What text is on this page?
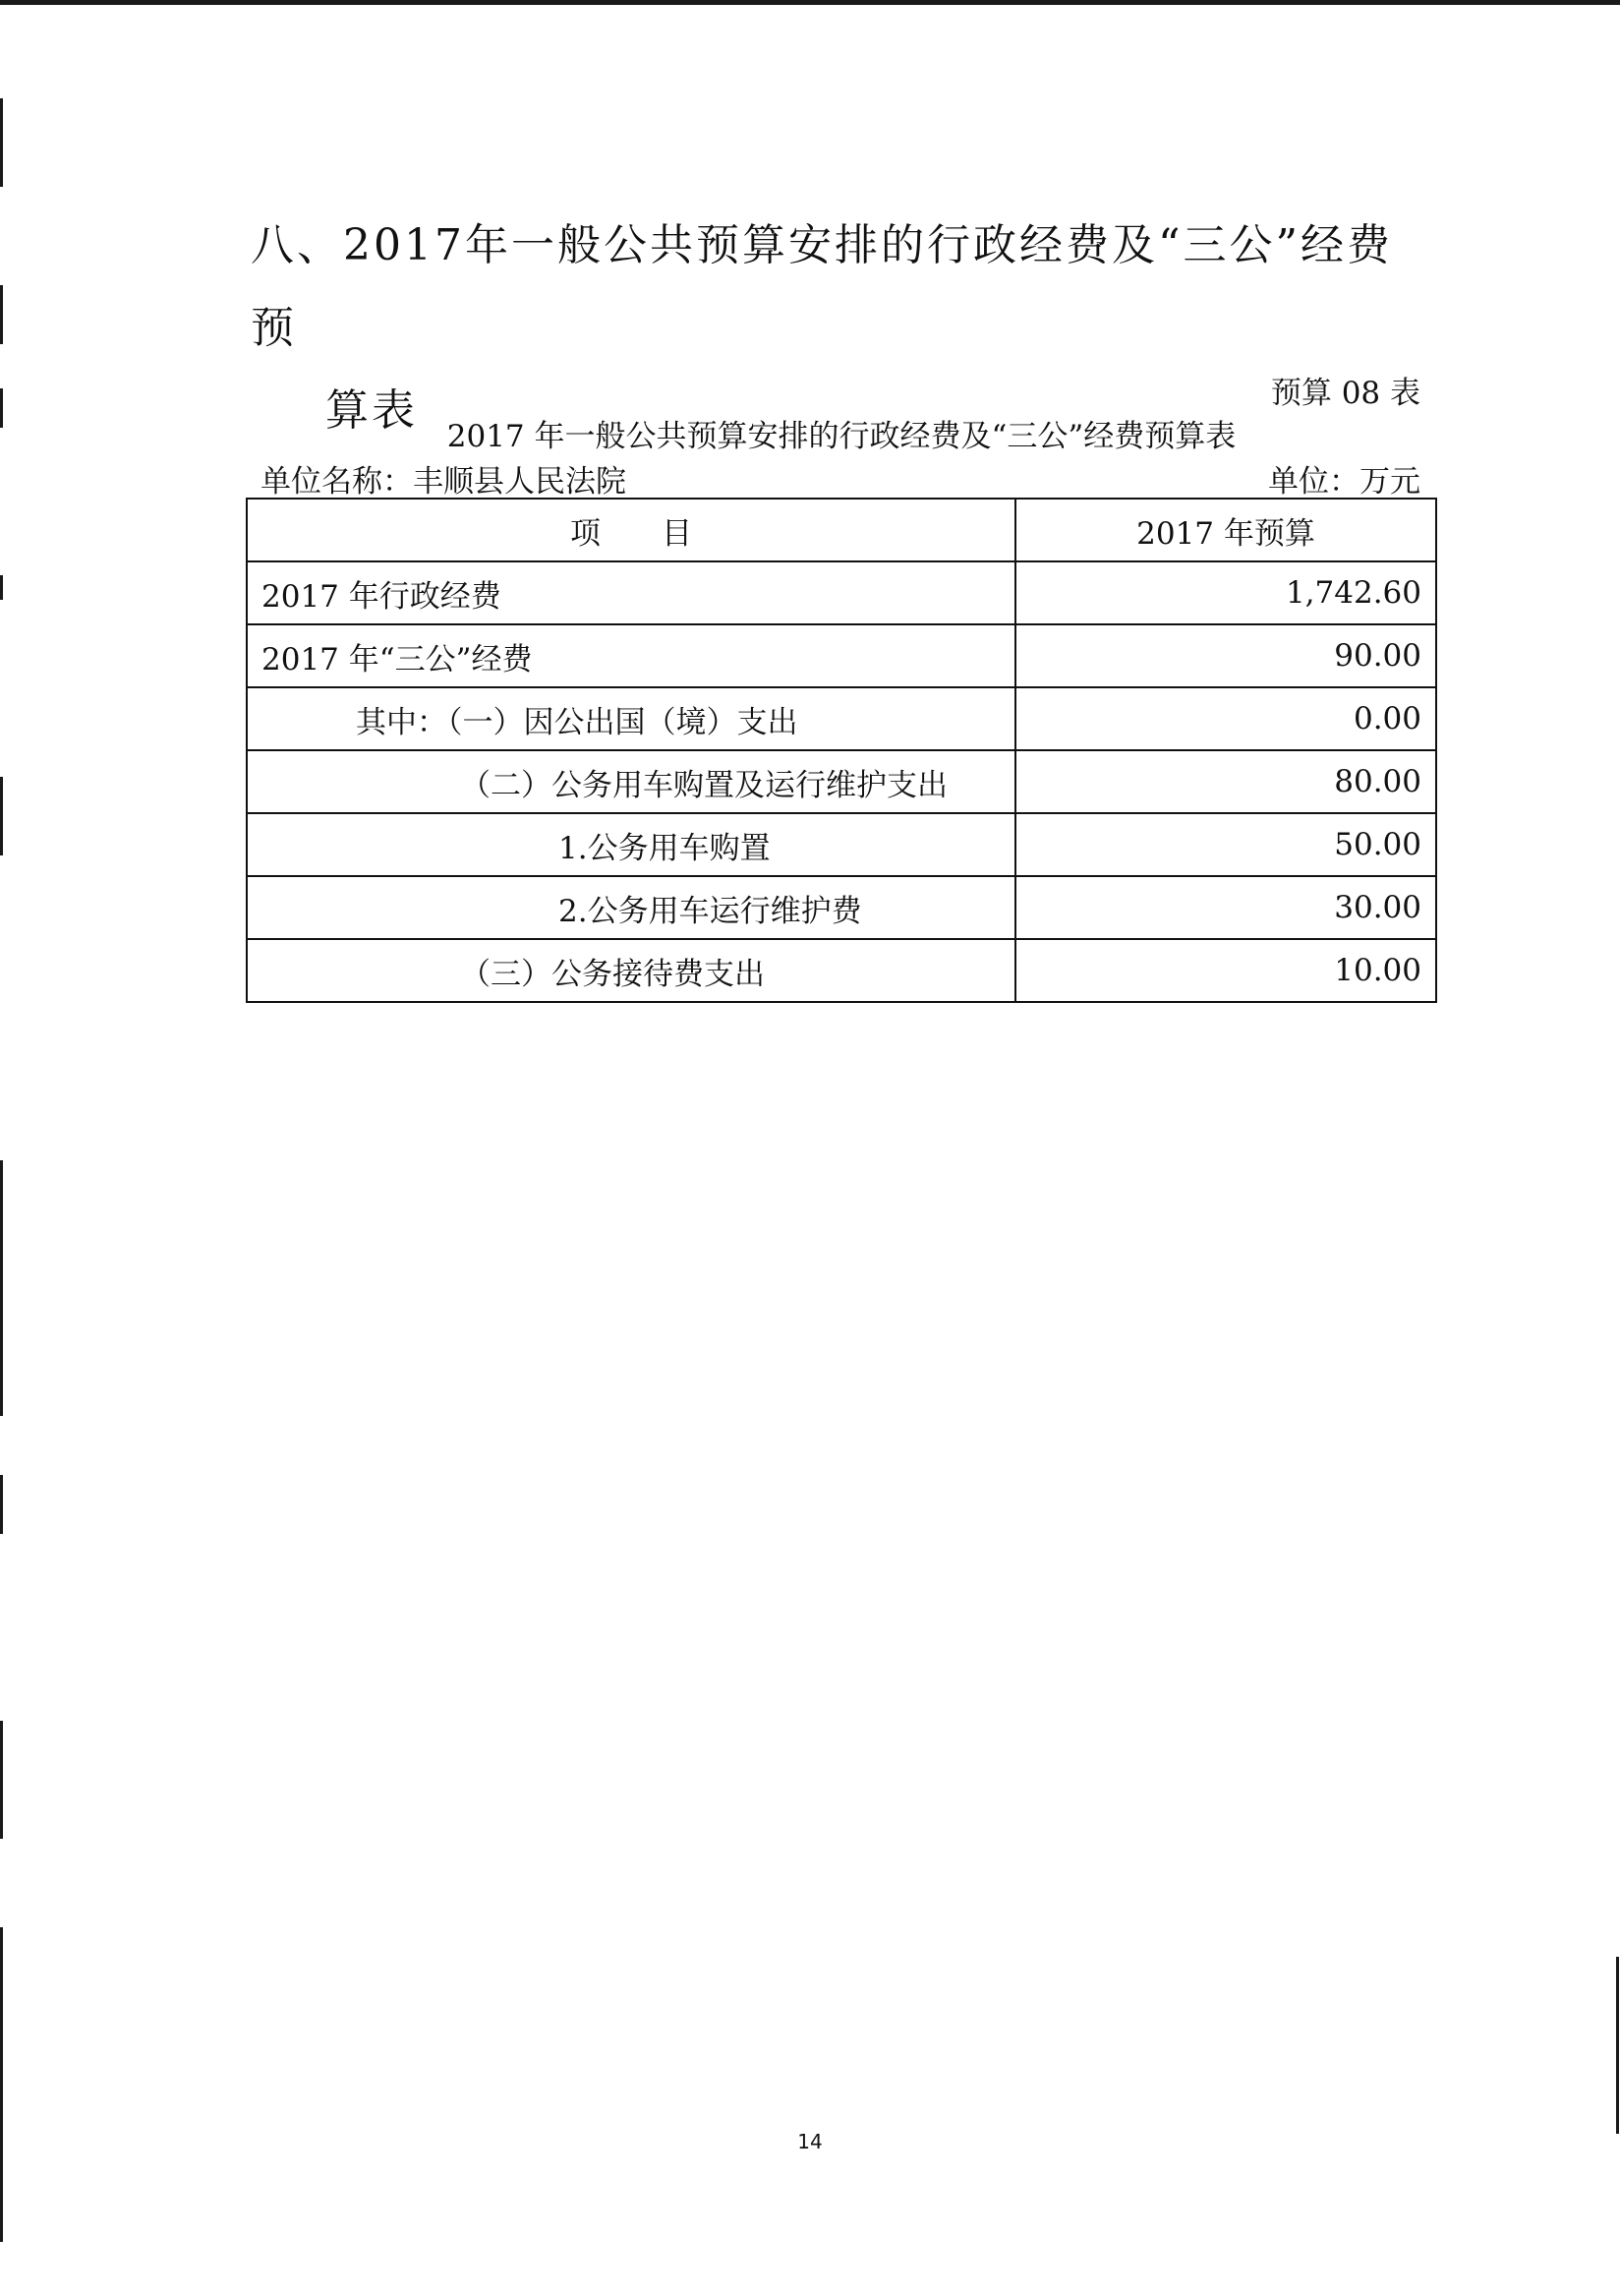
八、2017年一般公共预算安排的行政经费及“三公”经费预
算表	预算 08 表
2017 年一般公共预算安排的行政经费及“三公”经费预算表
单位名称：丰顺县人民法院	单位：万元
项　　目	2017 年预算
2017 年行政经费	1,742.60
2017 年“三公”经费	90.00
其中：（一）因公出国（境）支出	0.00
（二）公务用车购置及运行维护支出	80.00
1.公务用车购置	50.00
2.公务用车运行维护费	30.00
（三）公务接待费支出	10.00
14
